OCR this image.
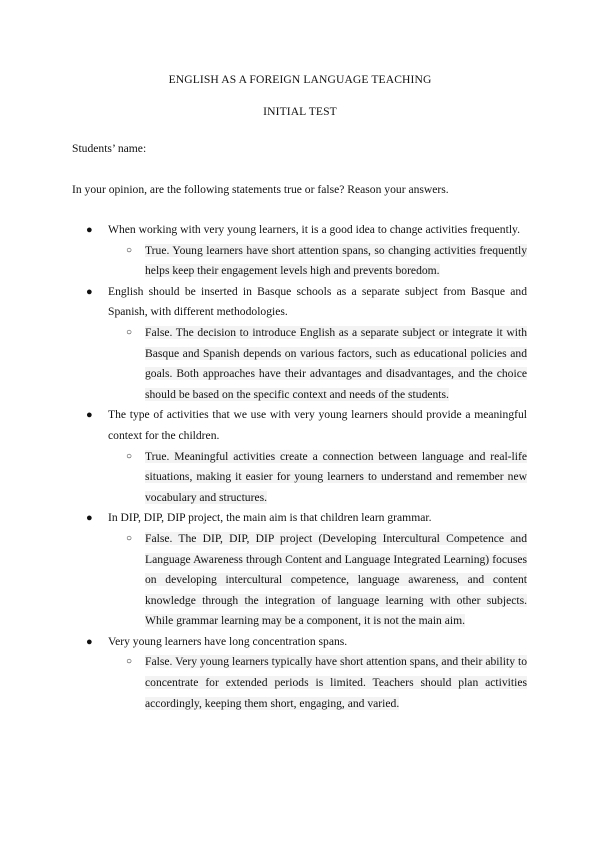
ENGLISH AS A FOREIGN LANGUAGE TEACHING
INITIAL TEST
Students’ name:
In your opinion, are the following statements true or false? Reason your answers.
● When working with very young learners, it is a good idea to change activities frequently.
○ True. Young learners have short attention spans, so changing activities frequently helps keep their engagement levels high and prevents boredom.
● English should be inserted in Basque schools as a separate subject from Basque and Spanish, with different methodologies.
○ False. The decision to introduce English as a separate subject or integrate it with Basque and Spanish depends on various factors, such as educational policies and goals. Both approaches have their advantages and disadvantages, and the choice should be based on the specific context and needs of the students.
● The type of activities that we use with very young learners should provide a meaningful context for the children.
○ True. Meaningful activities create a connection between language and real-life situations, making it easier for young learners to understand and remember new vocabulary and structures.
● In DIP, DIP, DIP project, the main aim is that children learn grammar.
○ False. The DIP, DIP, DIP project (Developing Intercultural Competence and Language Awareness through Content and Language Integrated Learning) focuses on developing intercultural competence, language awareness, and content knowledge through the integration of language learning with other subjects. While grammar learning may be a component, it is not the main aim.
● Very young learners have long concentration spans.
○ False. Very young learners typically have short attention spans, and their ability to concentrate for extended periods is limited. Teachers should plan activities accordingly, keeping them short, engaging, and varied.
